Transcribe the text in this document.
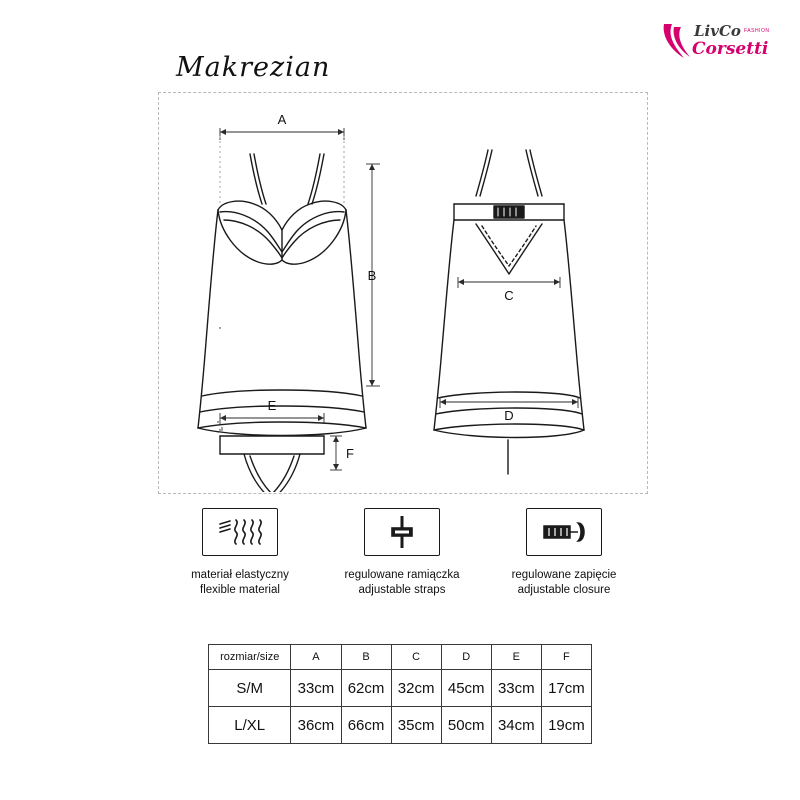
LivCo FASHION
Corsetti
Makrezian
A
B
C
D
E
F
materiał elastyczny
flexible material
regulowane ramiączka
adjustable straps
regulowane zapięcie
adjustable closure
rozmiar/size	A	B	C	D	E	F
S/M	33cm	62cm	32cm	45cm	33cm	17cm
L/XL	36cm	66cm	35cm	50cm	34cm	19cm
